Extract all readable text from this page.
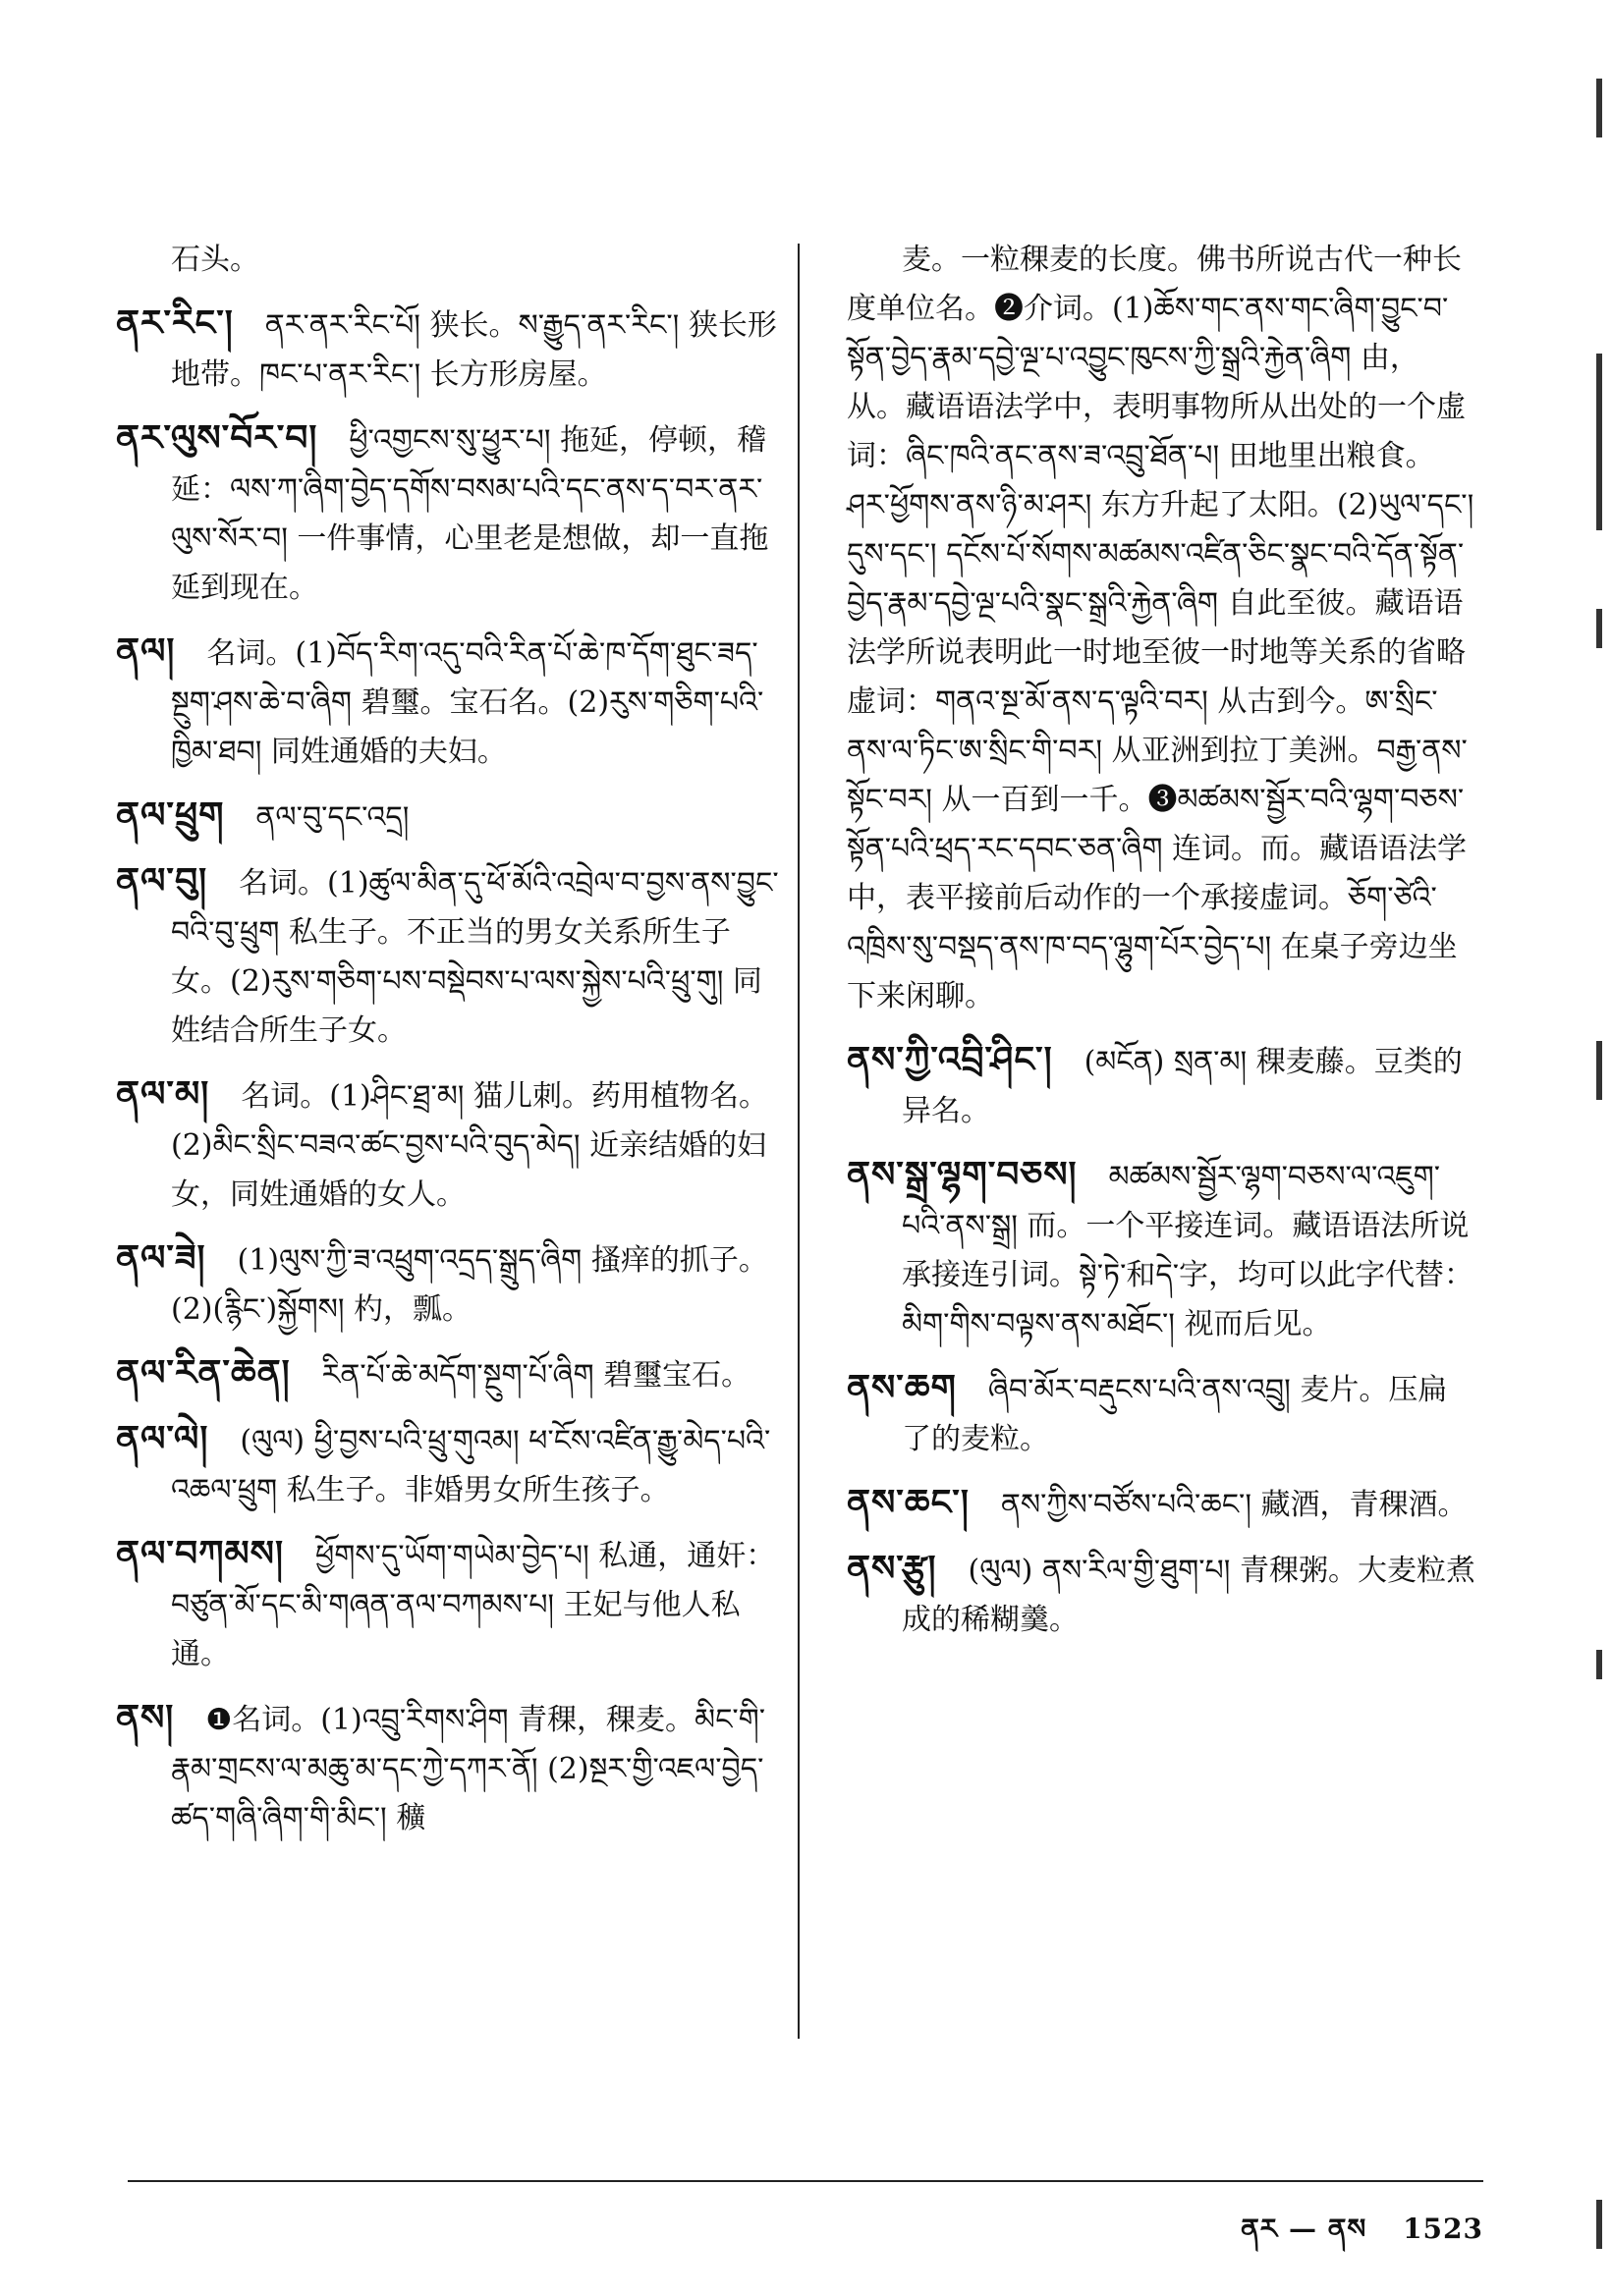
石头。

ནར་རིང་། ནར་ནར་རིང་པོ། 狭长。ས་རྒྱུད་ནར་རིང་། 狭长形地带。ཁང་པ་ནར་རིང་། 长方形房屋。

ནར་ལུས་བོར་བ། ཕྱི་འགྱངས་སུ་ཕྱུར་པ། 拖延，停顿，稽延：ལས་ཀ་ཞིག་བྱེད་དགོས་བསམ་པའི་དང་ནས་ད་བར་ནར་ལུས་སོར་བ། 一件事情，心里老是想做，却一直拖延到现在。

ནལ། 名词。(1)བོད་རིག་འདུ་བའི་རིན་པོ་ཆེ་ཁ་དོག་ཐུང་ཟད་སྔུག་ཤས་ཆེ་བ་ཞིག 碧璽。宝石名。(2)རུས་གཅིག་པའི་ཁྱིམ་ཐབ། 同姓通婚的夫妇。

ནལ་ཕྲུག ནལ་བུ་དང་འདྲ།

ནལ་བུ། 名词。(1)ཚུལ་མིན་དུ་ཕོ་མོའི་འབྲེལ་བ་བྱས་ནས་བྱུང་བའི་བུ་ཕྲུག 私生子。不正当的男女关系所生子女。(2)རུས་གཅིག་པས་བསྡེབས་པ་ལས་སྐྱེས་པའི་ཕྲུ་གུ། 同姓结合所生子女。

ནལ་མ། 名词。(1)ཤིང་ཐྲ་མ། 猫儿刺。药用植物名。(2)མིང་སྲིང་བཟའ་ཚང་བྱས་པའི་བུད་མེད། 近亲结婚的妇女，同姓通婚的女人。

ནལ་ཟེ། (1)ལུས་ཀྱི་ཟ་འཕྲུག་འདྲད་སྒྲུད་ཞིག 搔痒的抓子。(2)(རྙིང་)སྐྱོགས། 杓，瓢。

ནལ་རིན་ཆེན། རིན་པོ་ཆེ་མདོག་སྔུག་པོ་ཞིག 碧璽宝石。

ནལ་ལེ། (ལུལ) ཕྱི་བྱས་པའི་ཕྲུ་གུའམ། ཕ་ངོས་འཛིན་རྒྱུ་མེད་པའི་འཆལ་ཕྲུག 私生子。非婚男女所生孩子。

ནལ་བཀམས། ཕྱོགས་དུ་ཡོག་གཡེམ་བྱེད་པ། 私通，通奸：བཙུན་མོ་དང་མི་གཞན་ནལ་བཀམས་པ། 王妃与他人私通。

ནས། ❶名词。(1)འབྲུ་རིགས་ཤིག 青稞，稞麦。མིང་གི་རྣམ་གྲངས་ལ་མཆུ་མ་དང་ཀྱེ་དཀར་ནོ། (2)སྔར་གྱི་འཇལ་བྱེད་ཚད་གཞི་ཞིག་གི་མིང་། 穬

麦。一粒稞麦的长度。佛书所说古代一种长度单位名。❷介词。(1)ཆོས་གང་ནས་གང་ཞིག་བྱུང་བ་སྟོན་བྱེད་རྣམ་དབྱེ་ལྔ་པ་འབྱུང་ཁུངས་ཀྱི་སྒྲའི་རྐྱེན་ཞིག 由，从。藏语语法学中，表明事物所从出处的一个虚词：ཞིང་ཁའི་ནང་ནས་ཟ་འབྲུ་ཐོན་པ། 田地里出粮食。ཤར་ཕྱོགས་ནས་ཉི་མ་ཤར། 东方升起了太阳。(2)ཡུལ་དང་། དུས་དང་། དངོས་པོ་སོགས་མཚམས་འཛིན་ཅིང་སྣང་བའི་དོན་སྟོན་བྱེད་རྣམ་དབྱེ་ལྔ་པའི་སྣང་སྒྲའི་རྐྱེན་ཞིག 自此至彼。藏语语法学所说表明此一时地至彼一时地等关系的省略虚词：གནའ་སྔ་མོ་ནས་ད་ལྟའི་བར། 从古到今。ཨ་སྲིང་ནས་ལ་ཏིང་ཨ་སྲིང་གི་བར། 从亚洲到拉丁美洲。བརྒྱ་ནས་སྟོང་བར། 从一百到一千。❸མཚམས་སྦྱོར་བའི་ལྷག་བཅས་སྟོན་པའི་ཕྲད་རང་དབང་ཅན་ཞིག 连词。而。藏语语法学中，表平接前后动作的一个承接虚词。ཅོག་ཙེའི་འཁྲིས་སུ་བསྡད་ནས་ཁ་བད་ལྷུག་པོར་བྱེད་པ། 在桌子旁边坐下来闲聊。

ནས་ཀྱི་འབྲི་ཤིང་། (མངོན) སྲན་མ། 稞麦藤。豆类的异名。

ནས་སྒྲ་ལྷག་བཅས། མཚམས་སྦྱོར་ལྷག་བཅས་ལ་འཇུག་པའི་ནས་སྒྲ། 而。一个平接连词。藏语语法所说承接连引词。སྟེ་ཏེ་和དེ་字，均可以此字代替：མིག་གིས་བལྟས་ནས་མཐོང་། 视而后见。

ནས་ཆག ཞིབ་མོར་བརྡུངས་པའི་ནས་འབྲུ། 麦片。压扁了的麦粒。

ནས་ཆང་། ནས་ཀྱིས་བཙོས་པའི་ཆང་། 藏酒，青稞酒。

ནས་རྩུ། (ལུལ) ནས་རིལ་གྱི་ཐུག་པ། 青稞粥。大麦粒煮成的稀糊羹。

ནར — ནས 1523
